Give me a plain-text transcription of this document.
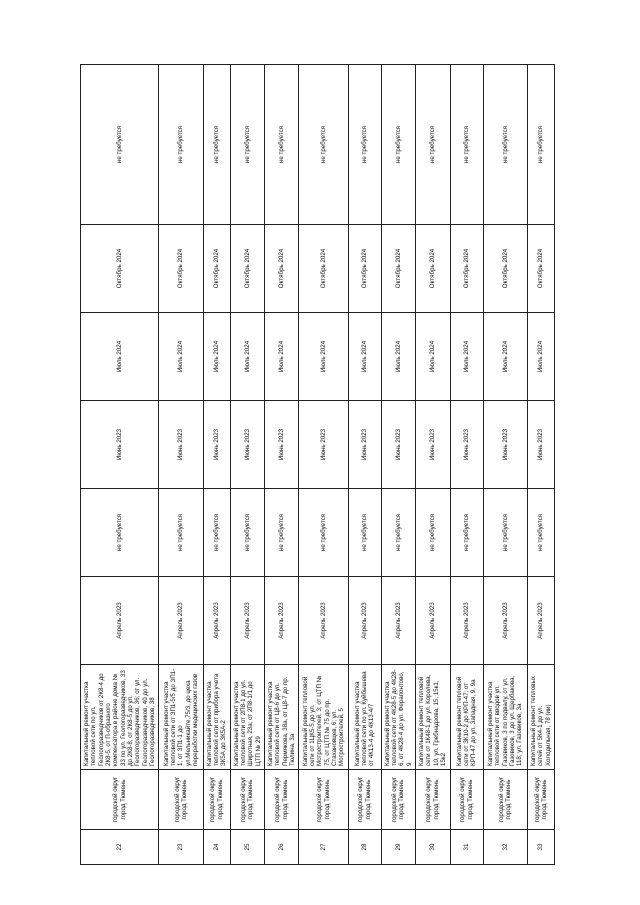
22	городской округ город Тюмень	Капитальный ремонт участка тепловой сети по ул. Геологоразведчиков от 2К8-4 до 2К8-5, от П-образного компенсатора в районе дома № 33 по ул. Геологоразведчиков, 33 до 2К8-8, от 2К8-5 до ул. Геологоразведчиков, 36; от ул. Геологоразведчиков, 40 до ул. Геологоразведчиков, 38	Апрель 2023	не требуется	Июнь 2023	Июль 2024	Октябрь 2024	не требуется
23	городской округ город Тюмень	Капитальный ремонт участка тепловой сети от ЗП1-5/5 до ЗП1-1; от ЗП1-1 до ул.Мельникайте,75/3, до цеха переработки медицинских газов	Апрель 2023	не требуется	Июнь 2023	Июль 2024	Октябрь 2024	не требуется
24	городской округ город Тюмень	Капитальный ремонт участка тепловой сети от прибора учета ЗК5А до ЗК5А-2	Апрель 2023	не требуется	Июнь 2023	Июль 2024	Октябрь 2024	не требуется
25	городской округ город Тюмень	Капитальный ремонт участка тепловой сети от 2П8-1 до ул. Широтная, 23а; от 2П8-1/1 до ЦТП № 29	Апрель 2023	не требуется	Июнь 2023	Июль 2024	Октябрь 2024	не требуется
26	городской округ город Тюмень	Капитальный ремонт участка тепловой сети от Ц8-6 до ул. Пермякова, 38а, от Ц8-7 до пр. Тюлина, 3а	Апрель 2023	не требуется	Июнь 2023	Июль 2024	Октябрь 2024	не требуется
27	городской округ город Тюмень	Капитальный ремонт тепловой сети от 1ЦК5-5 до ул. Мотростроителей, 3; от ЦТП № 75, от ЦТП № 75 до пр. Стахановцев, 6; ул. Мотростроителей, 5	Апрель 2023	не требуется	Июнь 2023	Июль 2024	Октябрь 2024	не требуется
28	городской округ город Тюмень	Капитальный ремонт участка тепловой сети по ул. Куйбышева от 4К13-4 до 4К13-4/7	Апрель 2023	не требуется	Июнь 2023	Июль 2024	Октябрь 2024	не требуется
29	городской округ город Тюмень	Капитальный ремонт участка тепловой сети от 4К28-5 до 4К28-6, от 4К28-4 до ул. Ферапонтово, 9	Апрель 2023	не требуется	Июнь 2023	Июль 2024	Октябрь 2024	не требуется
30	городской округ город Тюмень	Капитальный ремонт тепловой сети от 1К48-1 до ул. Королева, 10, ул. Гребнадзова, 15, 15к1, 15к2	Апрель 2023	не требуется	Июнь 2023	Июль 2024	Октябрь 2024	не требуется
31	городской округ город Тюмень	Капитальный ремонт тепловой сети от ЗК10-2 до КРП-47; от КРП-47 до ул. Западная, 9, 9а	Апрель 2023	не требуется	Июнь 2023	Июль 2024	Октябрь 2024	не требуется
32	городской округ город Тюмень	Капитальный ремонт участка тепловой сети от вводов ул. Газовиков, 3 по подвалу, от ул. Газовиков, 3 до ул. Щербакова, 118; ул. Газовиков, 3а	Апрель 2023	не требуется	Июнь 2023	Июль 2024	Октябрь 2024	не требуется
33	городской округ город Тюмень	Капитальный ремонт тепловых сетей от 5К4-1 до ул. Холодильная, 78 (ии)	Апрель 2023	не требуется	Июнь 2023	Июль 2024	Октябрь 2024	не требуется
